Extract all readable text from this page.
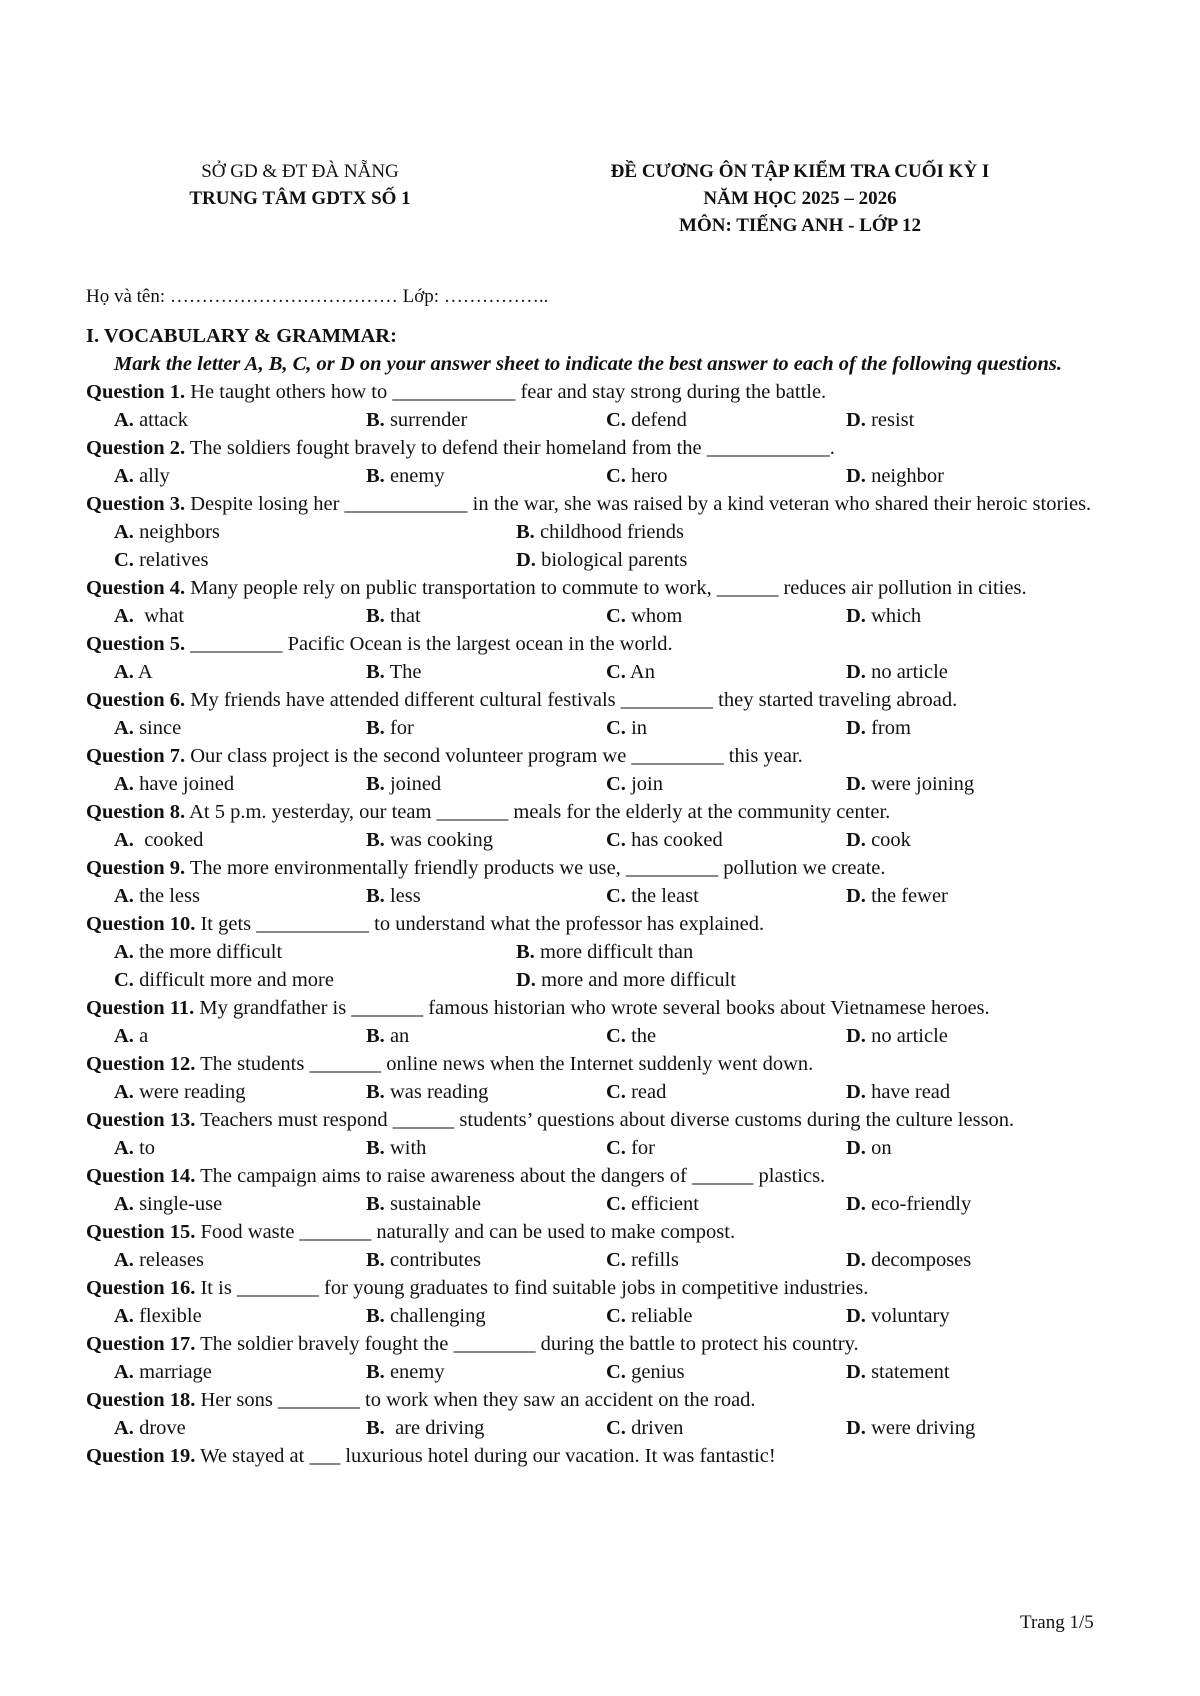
SỞ GD & ĐT ĐÀ NẴNG
TRUNG TÂM GDTX SỐ 1
ĐỀ CƯƠNG ÔN TẬP KIỂM TRA CUỐI KỲ I
NĂM HỌC 2025 – 2026
MÔN: TIẾNG ANH - LỚP 12
Họ và tên: ……………………………… Lớp: ……………..
I. VOCABULARY & GRAMMAR:
Mark the letter A, B, C, or D on your answer sheet to indicate the best answer to each of the following questions.
Question 1. He taught others how to ____________ fear and stay strong during the battle.
A. attack	B. surrender	C. defend	D. resist
Question 2. The soldiers fought bravely to defend their homeland from the ____________.
A. ally	B. enemy	C. hero	D. neighbor
Question 3. Despite losing her ____________ in the war, she was raised by a kind veteran who shared their heroic stories.
A. neighbors	B. childhood friends
C. relatives	D. biological parents
Question 4. Many people rely on public transportation to commute to work, ______ reduces air pollution in cities.
A.  what	B. that	C. whom	D. which
Question 5. _________ Pacific Ocean is the largest ocean in the world.
A. A	B. The	C. An	D. no article
Question 6. My friends have attended different cultural festivals _________ they started traveling abroad.
A. since	B. for	C. in	D. from
Question 7. Our class project is the second volunteer program we _________ this year.
A. have joined	B. joined	C. join	D. were joining
Question 8. At 5 p.m. yesterday, our team _______ meals for the elderly at the community center.
A.  cooked	B. was cooking	C. has cooked	D. cook
Question 9. The more environmentally friendly products we use, _________ pollution we create.
A. the less	B. less	C. the least	D. the fewer
Question 10. It gets ___________ to understand what the professor has explained.
A. the more difficult	B. more difficult than
C. difficult more and more	D. more and more difficult
Question 11. My grandfather is _______ famous historian who wrote several books about Vietnamese heroes.
A. a	B. an	C. the	D. no article
Question 12. The students _______ online news when the Internet suddenly went down.
A. were reading	B. was reading	C. read	D. have read
Question 13. Teachers must respond ______ students’ questions about diverse customs during the culture lesson.
A. to	B. with	C. for	D. on
Question 14. The campaign aims to raise awareness about the dangers of ______ plastics.
A. single-use	B. sustainable	C. efficient	D. eco-friendly
Question 15. Food waste _______ naturally and can be used to make compost.
A. releases	B. contributes	C. refills	D. decomposes
Question 16. It is ________ for young graduates to find suitable jobs in competitive industries.
A. flexible	B. challenging	C. reliable	D. voluntary
Question 17. The soldier bravely fought the ________ during the battle to protect his country.
A. marriage	B. enemy	C. genius	D. statement
Question 18. Her sons ________ to work when they saw an accident on the road.
A. drove	B.  are driving	C. driven	D. were driving
Question 19. We stayed at ___ luxurious hotel during our vacation. It was fantastic!
Trang 1/5
